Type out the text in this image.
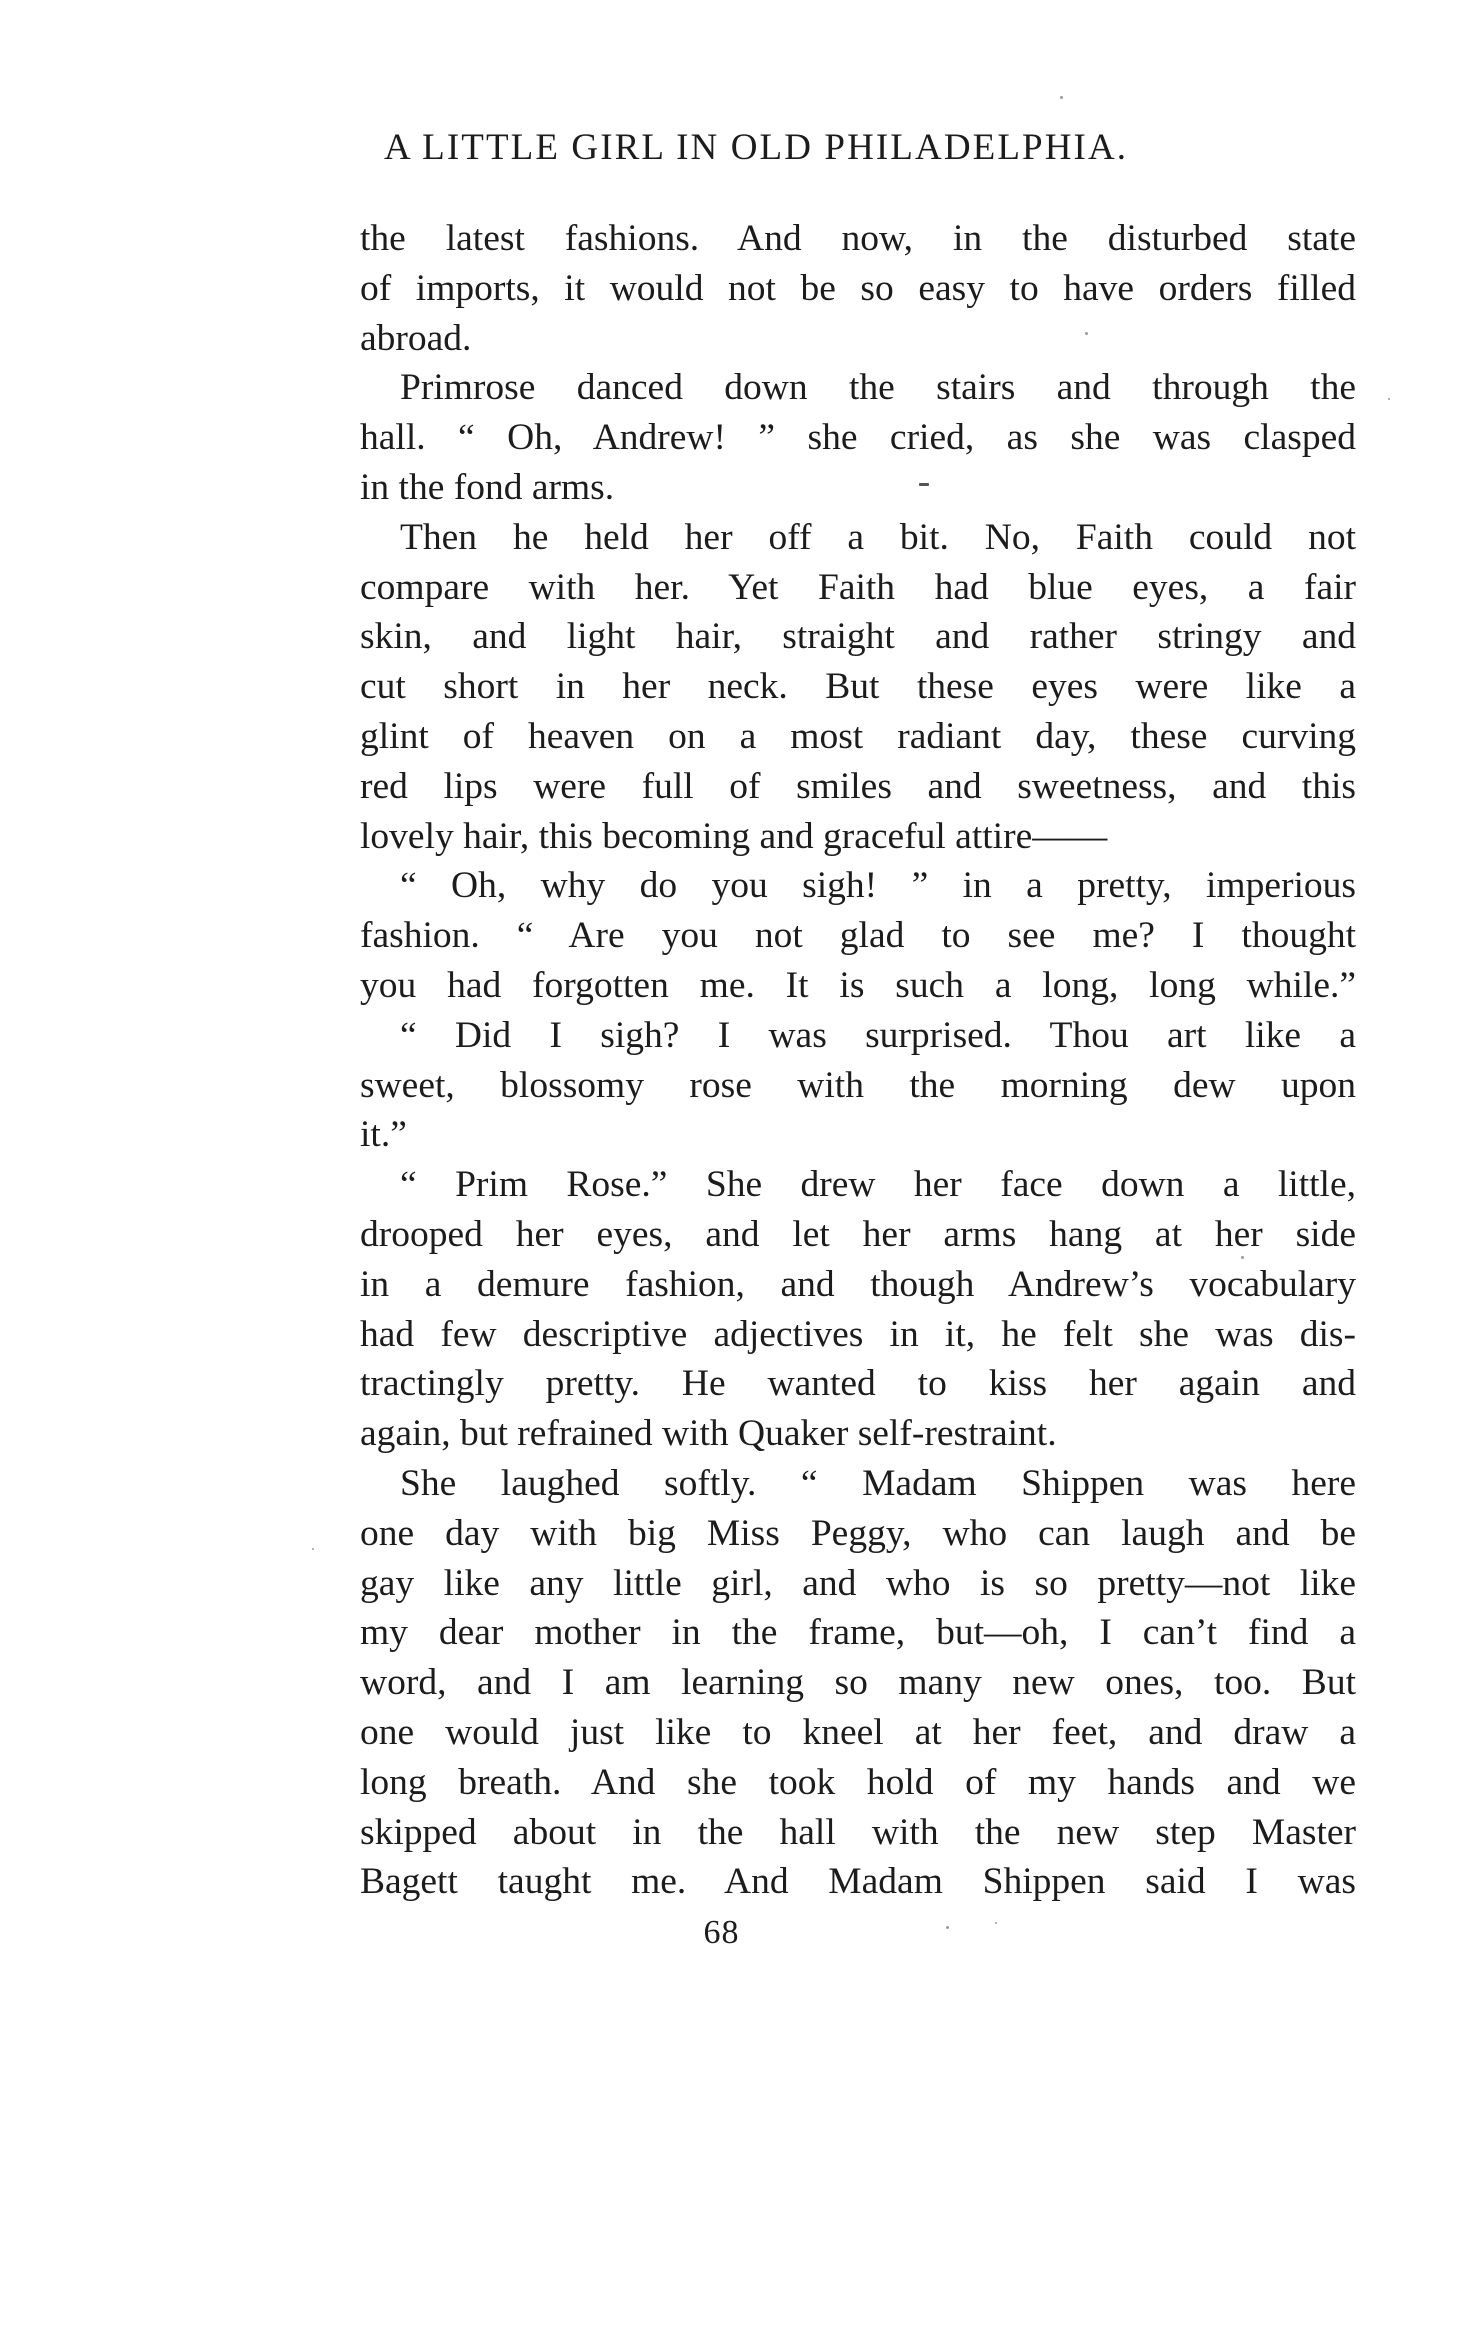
A LITTLE GIRL IN OLD PHILADELPHIA.
the latest fashions. And now, in the disturbed state
of imports, it would not be so easy to have orders filled
abroad.
Primrose danced down the stairs and through the
hall. “ Oh, Andrew! ” she cried, as she was clasped
in the fond arms.
Then he held her off a bit. No, Faith could not
compare with her. Yet Faith had blue eyes, a fair
skin, and light hair, straight and rather stringy and
cut short in her neck. But these eyes were like a
glint of heaven on a most radiant day, these curving
red lips were full of smiles and sweetness, and this
lovely hair, this becoming and graceful attire——
“ Oh, why do you sigh! ” in a pretty, imperious
fashion. “ Are you not glad to see me? I thought
you had forgotten me. It is such a long, long while.”
“ Did I sigh? I was surprised. Thou art like a
sweet, blossomy rose with the morning dew upon
it.”
“ Prim Rose.” She drew her face down a little,
drooped her eyes, and let her arms hang at her side
in a demure fashion, and though Andrew’s vocabulary
had few descriptive adjectives in it, he felt she was dis-
tractingly pretty. He wanted to kiss her again and
again, but refrained with Quaker self-restraint.
She laughed softly. “ Madam Shippen was here
one day with big Miss Peggy, who can laugh and be
gay like any little girl, and who is so pretty—not like
my dear mother in the frame, but—oh, I can’t find a
word, and I am learning so many new ones, too. But
one would just like to kneel at her feet, and draw a
long breath. And she took hold of my hands and we
skipped about in the hall with the new step Master
Bagett taught me. And Madam Shippen said I was
68
